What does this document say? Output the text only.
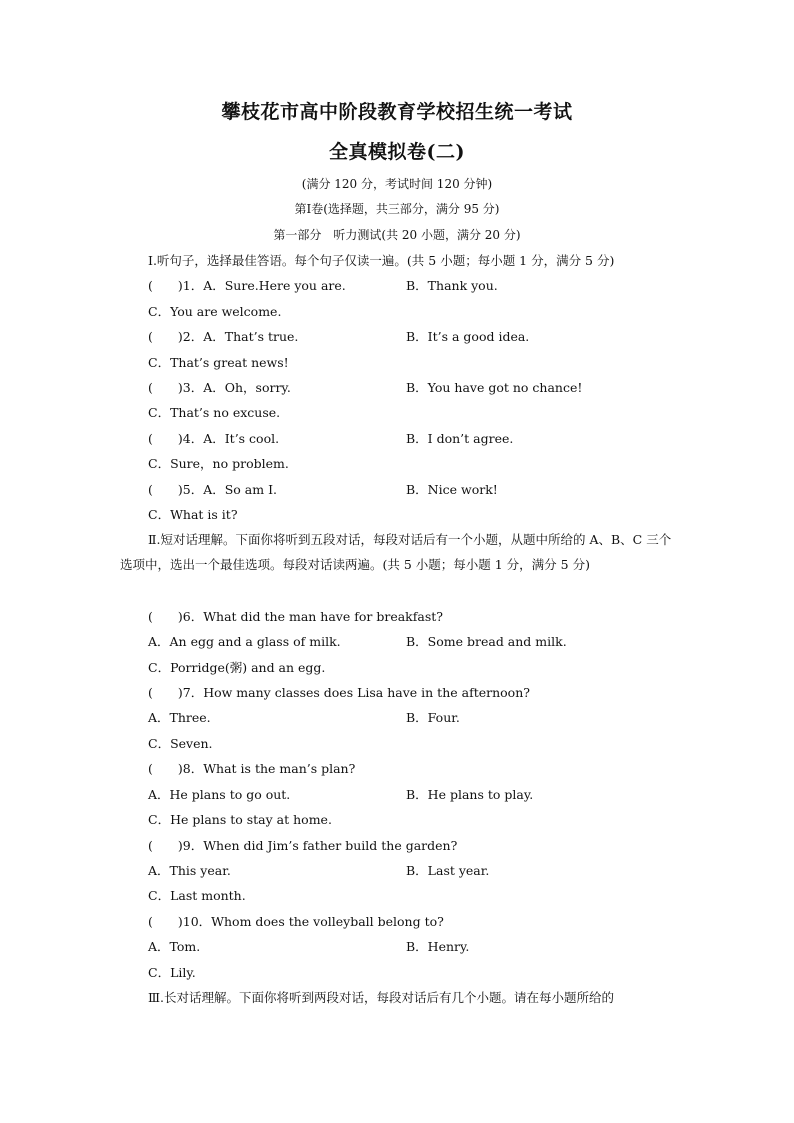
攀枝花市高中阶段教育学校招生统一考试
全真模拟卷(二)
(满分 120 分，考试时间 120 分钟)
第Ⅰ卷(选择题，共三部分，满分 95 分)
第一部分　听力测试(共 20 小题，满分 20 分)
Ⅰ.听句子，选择最佳答语。每个句子仅读一遍。(共 5 小题；每小题 1 分，满分 5 分)
(　　)1．A．Sure.Here you are.	B．Thank you.
C．You are welcome.
(　　)2．A．That’s true.	B．It’s a good idea.
C．That’s great news!
(　　)3．A．Oh，sorry.	B．You have got no chance!
C．That’s no excuse.
(　　)4．A．It’s cool.	B．I don’t agree.
C．Sure，no problem.
(　　)5．A．So am I.	B．Nice work!
C．What is it?
Ⅱ.短对话理解。下面你将听到五段对话，每段对话后有一个小题，从题中所给的 A、B、C 三个选项中，选出一个最佳选项。每段对话读两遍。(共 5 小题；每小题 1 分，满分 5 分)
(　　)6．What did the man have for breakfast?
A．An egg and a glass of milk.	B．Some bread and milk.
C．Porridge(粥) and an egg.
(　　)7．How many classes does Lisa have in the afternoon?
A．Three.	B．Four.
C．Seven.
(　　)8．What is the man’s plan?
A．He plans to go out.	B．He plans to play.
C．He plans to stay at home.
(　　)9．When did Jim’s father build the garden?
A．This year.	B．Last year.
C．Last month.
(　　)10．Whom does the volleyball belong to?
A．Tom.	B．Henry.
C．Lily.
Ⅲ.长对话理解。下面你将听到两段对话，每段对话后有几个小题。请在每小题所给的
